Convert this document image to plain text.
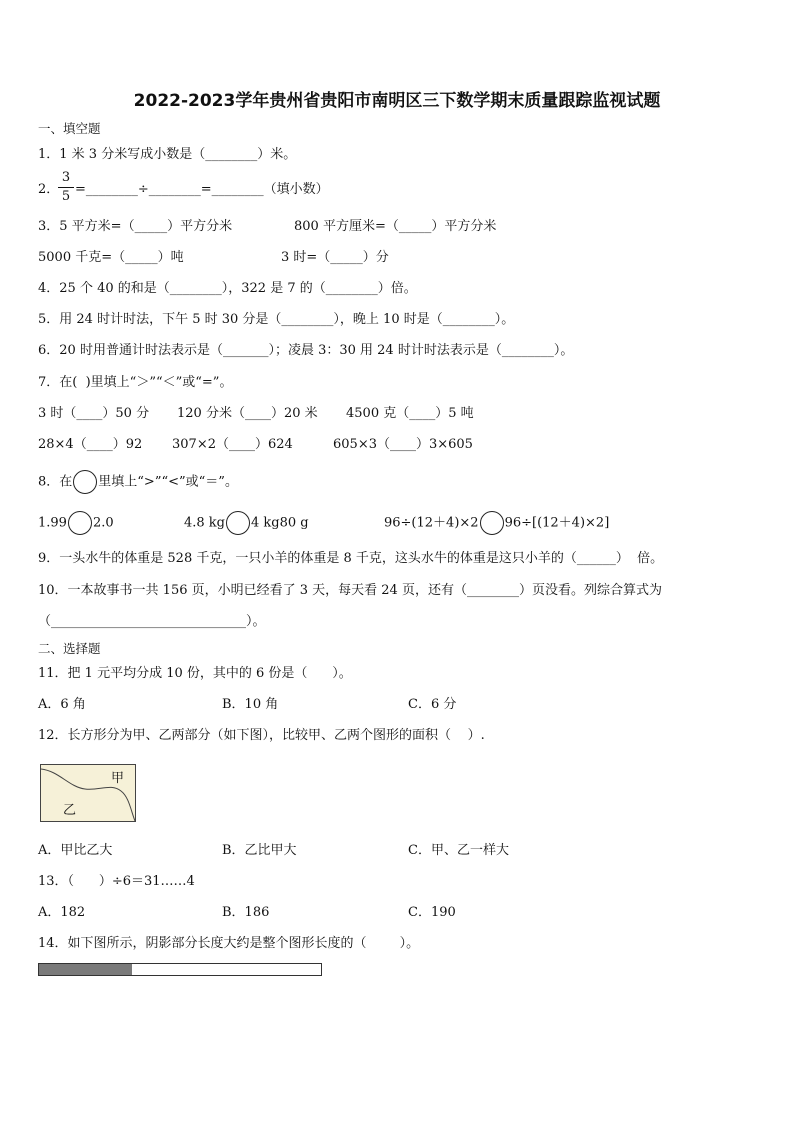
2022-2023学年贵州省贵阳市南明区三下数学期末质量跟踪监视试题
一、填空题
1．1 米 3 分米写成小数是（________）米。
2．
3
5 =________÷________=________（填小数）
3．5 平方米=（_____）平方分米	800 平方厘米=（_____）平方分米
5000 千克=（_____）吨	3 时=（_____）分
4．25 个 40 的和是（________），322 是 7 的（________）倍。
5．用 24 时计时法，下午 5 时 30 分是（________），晚上 10 时是（________）。
6．20 时用普通计时法表示是（_______）；凌晨 3：30 用 24 时计时法表示是（________）。
7．在(  )里填上“＞”“＜”或“=”。
3 时（____）50 分 120 分米（____）20 米 4500 克（____）5 吨
28×4（____）92 307×2（____）624	605×3（____）3×605
8．在 里填上“>”“<”或“＝”。
1.99 2.0	4.8 kg 4 kg80 g	96÷(12＋4)×2 96÷[(12＋4)×2]
9．一头水牛的体重是 528 千克，一只小羊的体重是 8 千克，这头水牛的体重是这只小羊的（______）  倍。
10．一本故事书一共 156 页，小明已经看了 3 天，每天看 24 页，还有（________）页没看。列综合算式为
（______________________________）。
二、选择题
11．把 1 元平均分成 10 份，其中的 6 份是（      ）。
A．6 角	B．10 角	C．6 分
12．长方形分为甲、乙两部分（如下图），比较甲、乙两个图形的面积（    ）.
甲
乙
A．甲比乙大	B．乙比甲大	C．甲、乙一样大
13．（      ）÷6＝31……4
A．182	B．186	C．190
14．如下图所示，阴影部分长度大约是整个图形长度的（        ）。
